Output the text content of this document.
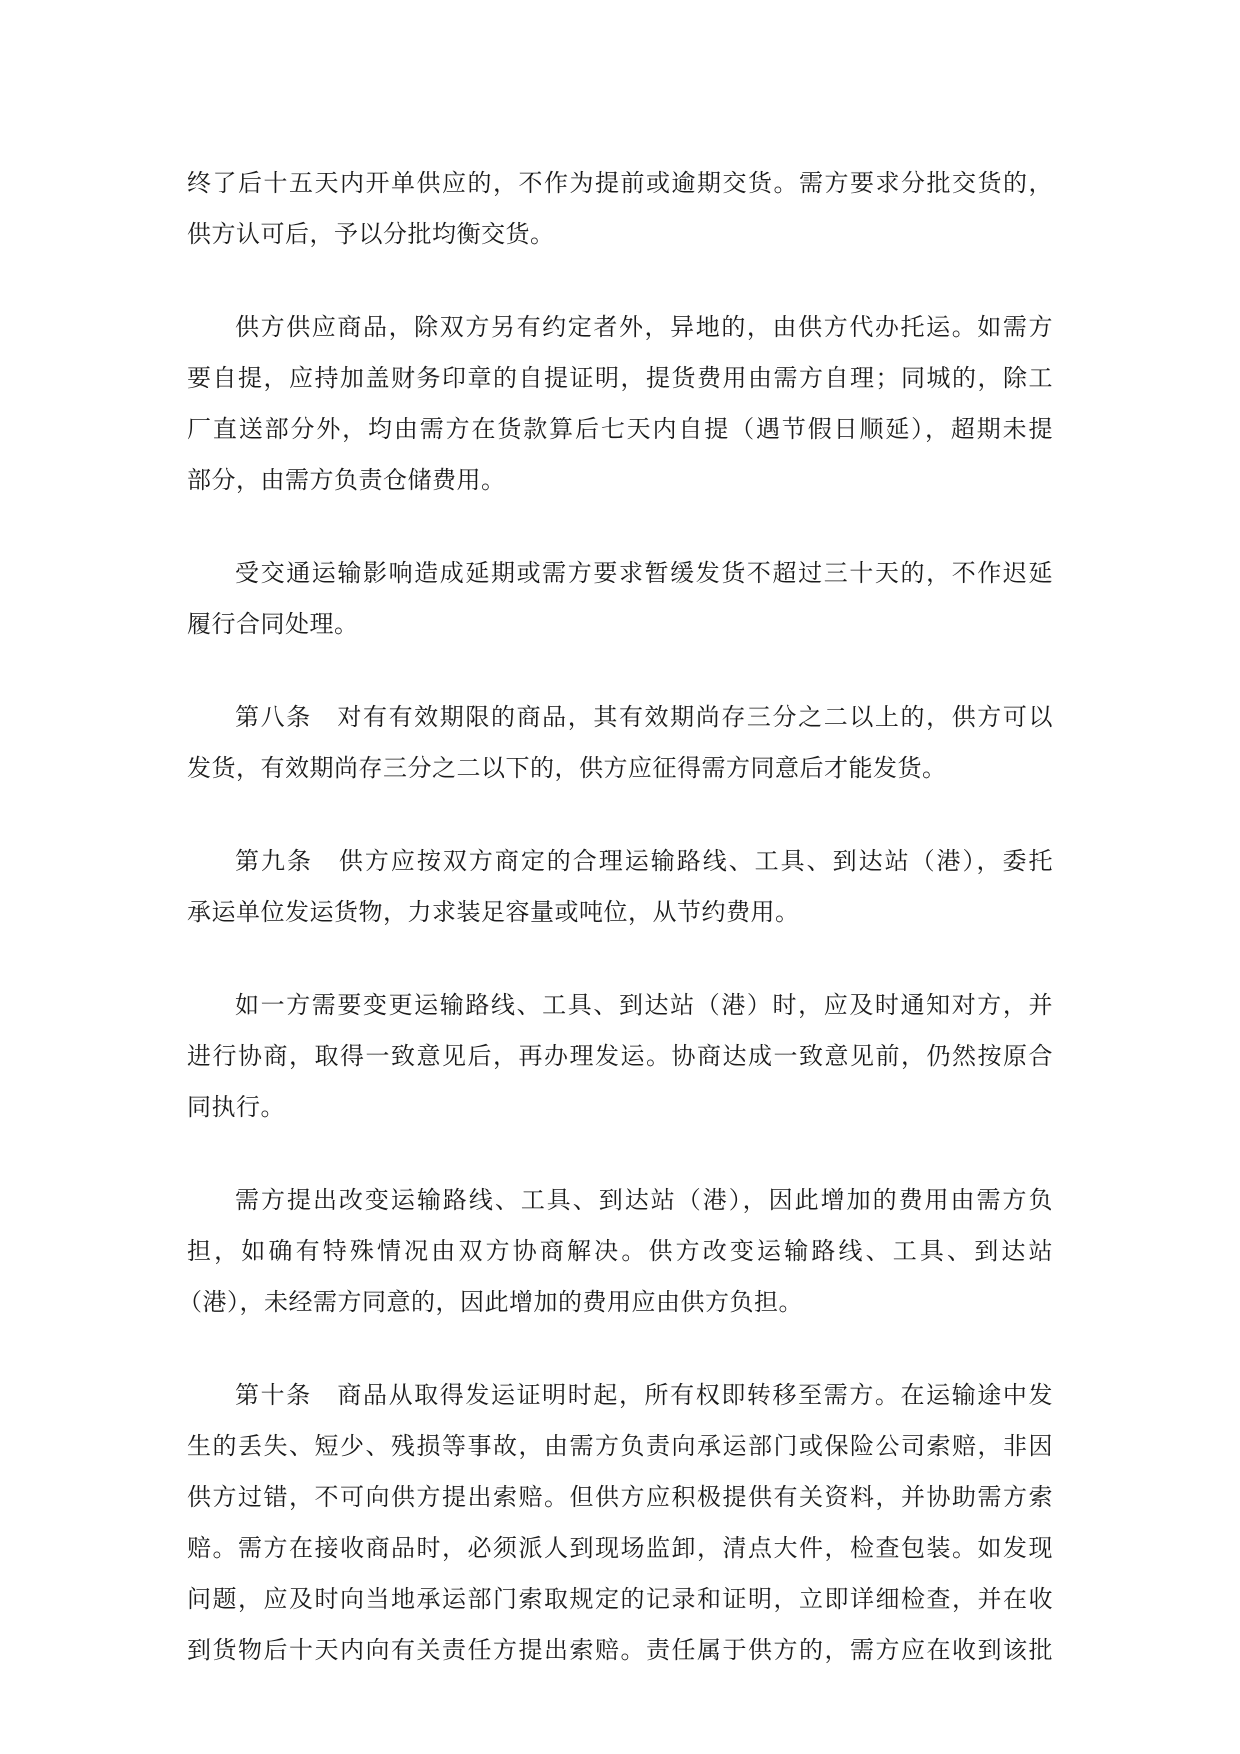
终了后十五天内开单供应的，不作为提前或逾期交货。需方要求分批交货的，
供方认可后，予以分批均衡交货。
供方供应商品，除双方另有约定者外，异地的，由供方代办托运。如需方
要自提，应持加盖财务印章的自提证明，提货费用由需方自理；同城的，除工
厂直送部分外，均由需方在货款算后七天内自提（遇节假日顺延），超期未提
部分，由需方负责仓储费用。
受交通运输影响造成延期或需方要求暂缓发货不超过三十天的，不作迟延
履行合同处理。
第八条　对有有效期限的商品，其有效期尚存三分之二以上的，供方可以
发货，有效期尚存三分之二以下的，供方应征得需方同意后才能发货。
第九条　供方应按双方商定的合理运输路线、工具、到达站（港），委托
承运单位发运货物，力求装足容量或吨位，从节约费用。
如一方需要变更运输路线、工具、到达站（港）时，应及时通知对方，并
进行协商，取得一致意见后，再办理发运。协商达成一致意见前，仍然按原合
同执行。
需方提出改变运输路线、工具、到达站（港），因此增加的费用由需方负
担，如确有特殊情况由双方协商解决。供方改变运输路线、工具、到达站
（港），未经需方同意的，因此增加的费用应由供方负担。
第十条　商品从取得发运证明时起，所有权即转移至需方。在运输途中发
生的丢失、短少、残损等事故，由需方负责向承运部门或保险公司索赔，非因
供方过错，不可向供方提出索赔。但供方应积极提供有关资料，并协助需方索
赔。需方在接收商品时，必须派人到现场监卸，清点大件，检查包装。如发现
问题，应及时向当地承运部门索取规定的记录和证明，立即详细检查，并在收
到货物后十天内向有关责任方提出索赔。责任属于供方的，需方应在收到该批
